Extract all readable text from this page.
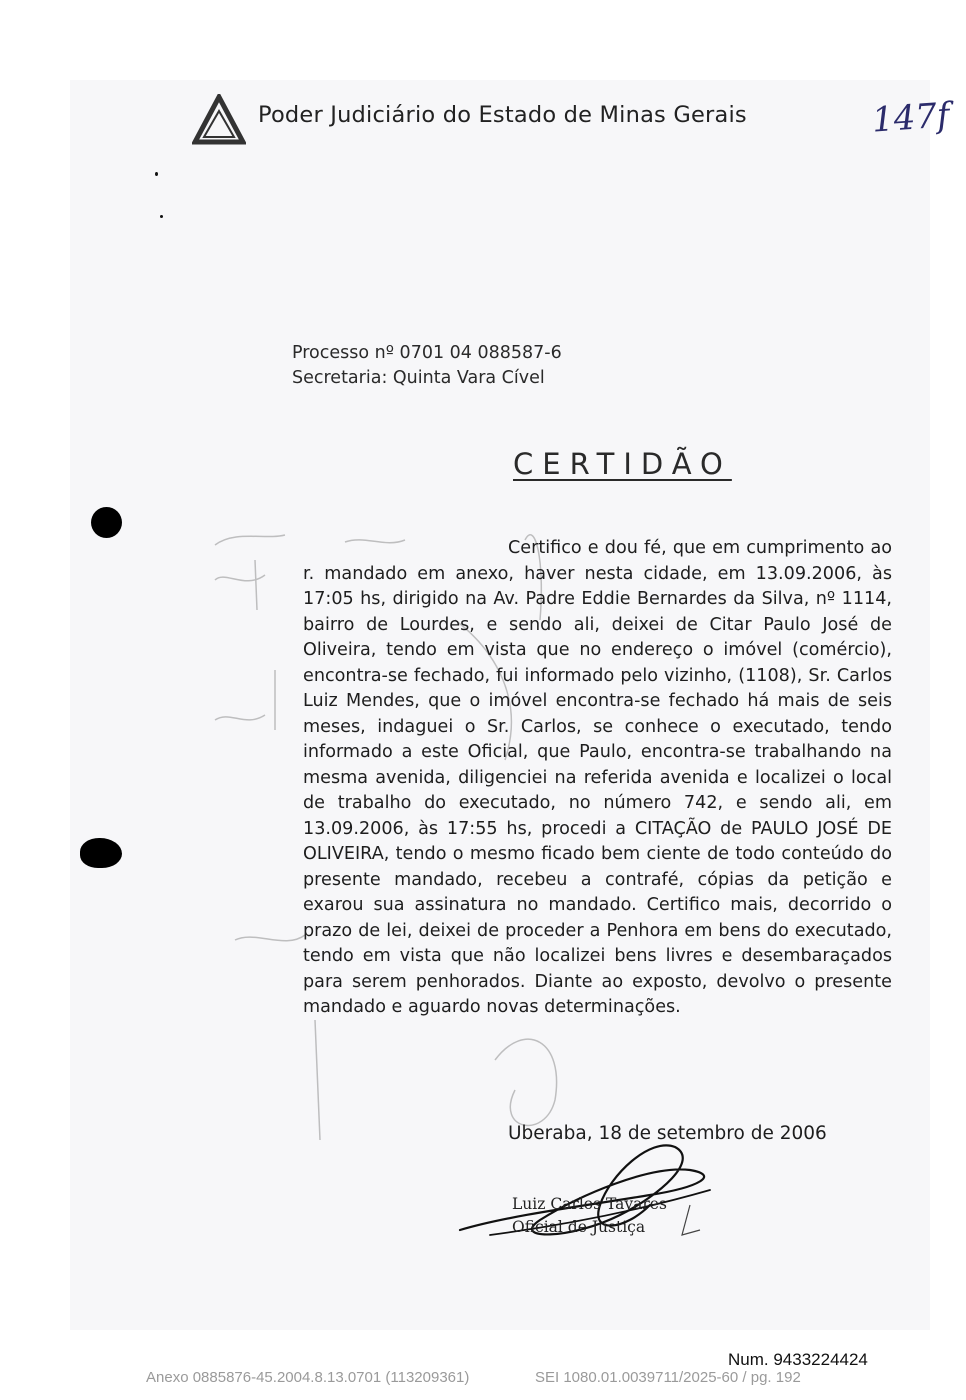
Poder Judiciário do Estado de Minas Gerais	147f
Processo nº 0701 04 088587-6
Secretaria: Quinta Vara Cível
CERTIDÃO
Certifico e dou fé, que em cumprimento ao r. mandado em anexo, haver nesta cidade, em 13.09.2006, às 17:05 hs, dirigido na Av. Padre Eddie Bernardes da Silva, nº 1114, bairro de Lourdes, e sendo ali, deixei de Citar Paulo José de Oliveira, tendo em vista que no endereço o imóvel (comércio), encontra-se fechado, fui informado pelo vizinho, (1108), Sr. Carlos Luiz Mendes, que o imóvel encontra-se fechado há mais de seis meses, indaguei o Sr. Carlos, se conhece o executado, tendo informado a este Oficial, que Paulo, encontra-se trabalhando na mesma avenida, diligenciei na referida avenida e localizei o local de trabalho do executado, no número 742, e sendo ali, em 13.09.2006, às 17:55 hs, procedi a CITAÇÃO de PAULO JOSÉ DE OLIVEIRA, tendo o mesmo ficado bem ciente de todo conteúdo do presente mandado, recebeu a contrafé, cópias da petição e exarou sua assinatura no mandado. Certifico mais, decorrido o prazo de lei, deixei de proceder a Penhora em bens do executado, tendo em vista que não localizei bens livres e desembaraçados para serem penhorados. Diante ao exposto, devolvo o presente mandado e aguardo novas determinações.
Uberaba, 18 de setembro de 2006
Luiz Carlos Tavares
Oficial de Justiça
Num. 9433224424
Anexo 0885876-45.2004.8.13.0701 (113209361)	SEI 1080.01.0039711/2025-60 / pg. 192
